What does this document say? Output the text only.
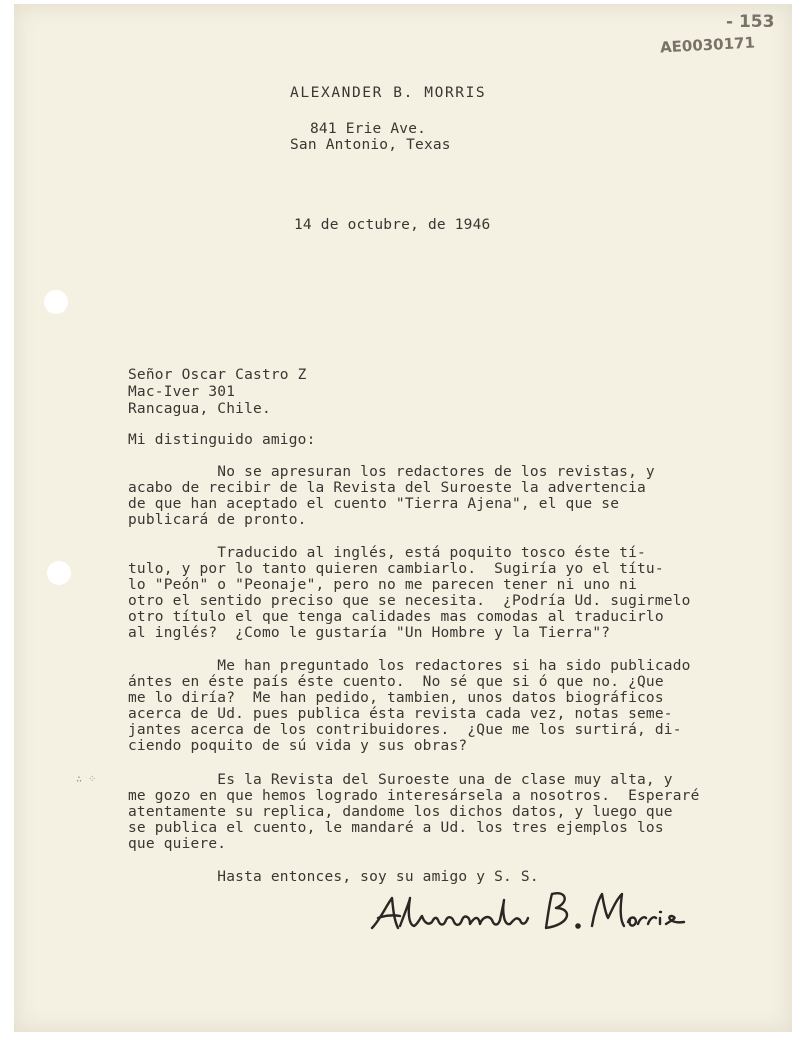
- 153
AE0030171
ALEXANDER B. MORRIS
841 Erie Ave.
San Antonio, Texas
14 de octubre, de 1946
Señor Oscar Castro Z
Mac-Iver 301
Rancagua, Chile.
Mi distinguido amigo:
No se apresuran los redactores de los revistas, y
acabo de recibir de la Revista del Suroeste la advertencia
de que han aceptado el cuento "Tierra Ajena", el que se
publicará de pronto.
Traducido al inglés, está poquito tosco éste tí-
tulo, y por lo tanto quieren cambiarlo.  Sugiría yo el títu-
lo "Peón" o "Peonaje", pero no me parecen tener ni uno ni
otro el sentido preciso que se necesita.  ¿Podría Ud. sugirmelo
otro título el que tenga calidades mas comodas al traducirlo
al inglés?  ¿Como le gustaría "Un Hombre y la Tierra"?
Me han preguntado los redactores si ha sido publicado
ántes en éste país éste cuento.  No sé que si ó que no. ¿Que
me lo diría?  Me han pedido, tambien, unos datos biográficos
acerca de Ud. pues publica ésta revista cada vez, notas seme-
jantes acerca de los contribuidores.  ¿Que me los surtirá, di-
ciendo poquito de sú vida y sus obras?
∴ ⁘ Es la Revista del Suroeste una de clase muy alta, y
me gozo en que hemos logrado interesársela a nosotros.  Esperaré
atentamente su replica, dandome los dichos datos, y luego que
se publica el cuento, le mandaré a Ud. los tres ejemplos los
que quiere.
Hasta entonces, soy su amigo y S. S.
